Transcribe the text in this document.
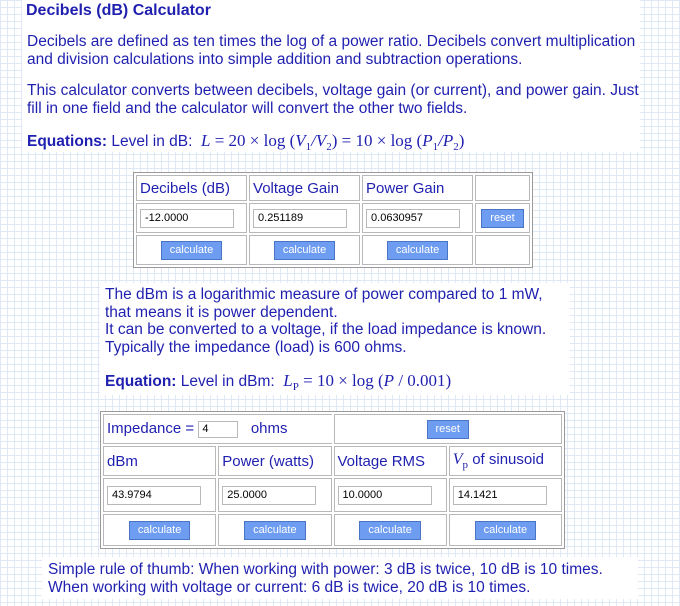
Decibels (dB) Calculator

Decibels are defined as ten times the log of a power ratio. Decibels convert multiplication and division calculations into simple addition and subtraction operations.

This calculator converts between decibels, voltage gain (or current), and power gain. Just fill in one field and the calculator will convert the other two fields.

Equations: Level in dB:  $L = 20 \times \log (V_1/V_2) = 10 \times \log (P_1/P_2)$
Decibels (dB)	Voltage Gain	Power Gain	

-12.0000	0.251189	0.0630957	reset
calculate	calculate	calculate	

The dBm is a logarithmic measure of power compared to 1 mW, that means it is power dependent.

It can be converted to a voltage, if the load impedance is known. Typically the impedance (load) is 600 ohms.

Equation: Level in dBm:  $L_P = 10 \times \log (P / 0.001)$
Impedance = 4 ohms		reset	
dBm	Power (watts)	Voltage RMS	$V_p$ of sinusoid

43.9794	25.0000	10.0000	14.1421

calculate	calculate	calculate	calculate

Simple rule of thumb: When working with power: 3 dB is twice, 10 dB is 10 times.

When working with voltage or current: 6 dB is twice, 20 dB is 10 times.
